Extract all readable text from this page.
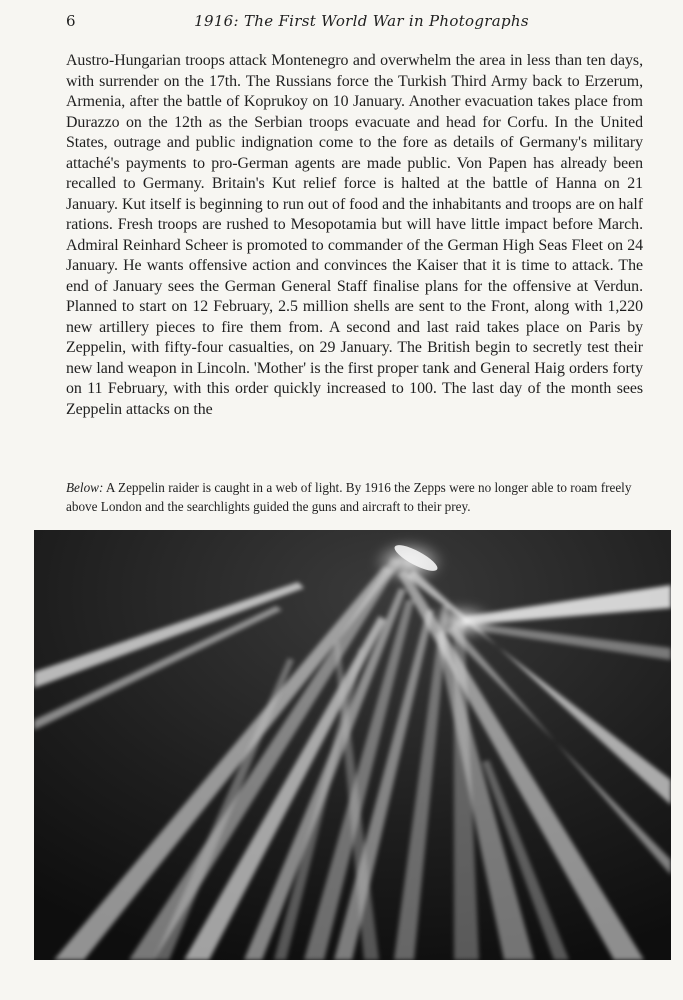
6	1916: The First World War in Photographs

Austro-Hungarian troops attack Montenegro and overwhelm the area in less than ten days, with surrender on the 17th. The Russians force the Turkish Third Army back to Erzerum, Armenia, after the battle of Koprukoy on 10 January. Another evacuation takes place from Durazzo on the 12th as the Serbian troops evacuate and head for Corfu. In the United States, outrage and public indignation come to the fore as details of Germany's military attaché's payments to pro-German agents are made public. Von Papen has already been recalled to Germany. Britain's Kut relief force is halted at the battle of Hanna on 21 January. Kut itself is beginning to run out of food and the inhabitants and troops are on half rations. Fresh troops are rushed to Mesopotamia but will have little impact before March. Admiral Reinhard Scheer is promoted to commander of the German High Seas Fleet on 24 January. He wants offensive action and convinces the Kaiser that it is time to attack. The end of January sees the German General Staff finalise plans for the offensive at Verdun. Planned to start on 12 February, 2.5 million shells are sent to the Front, along with 1,220 new artillery pieces to fire them from. A second and last raid takes place on Paris by Zeppelin, with fifty-four casualties, on 29 January. The British begin to secretly test their new land weapon in Lincoln. 'Mother' is the first proper tank and General Haig orders forty on 11 February, with this order quickly increased to 100. The last day of the month sees Zeppelin attacks on the

Below: A Zeppelin raider is caught in a web of light. By 1916 the Zepps were no longer able to roam freely above London and the searchlights guided the guns and aircraft to their prey.
